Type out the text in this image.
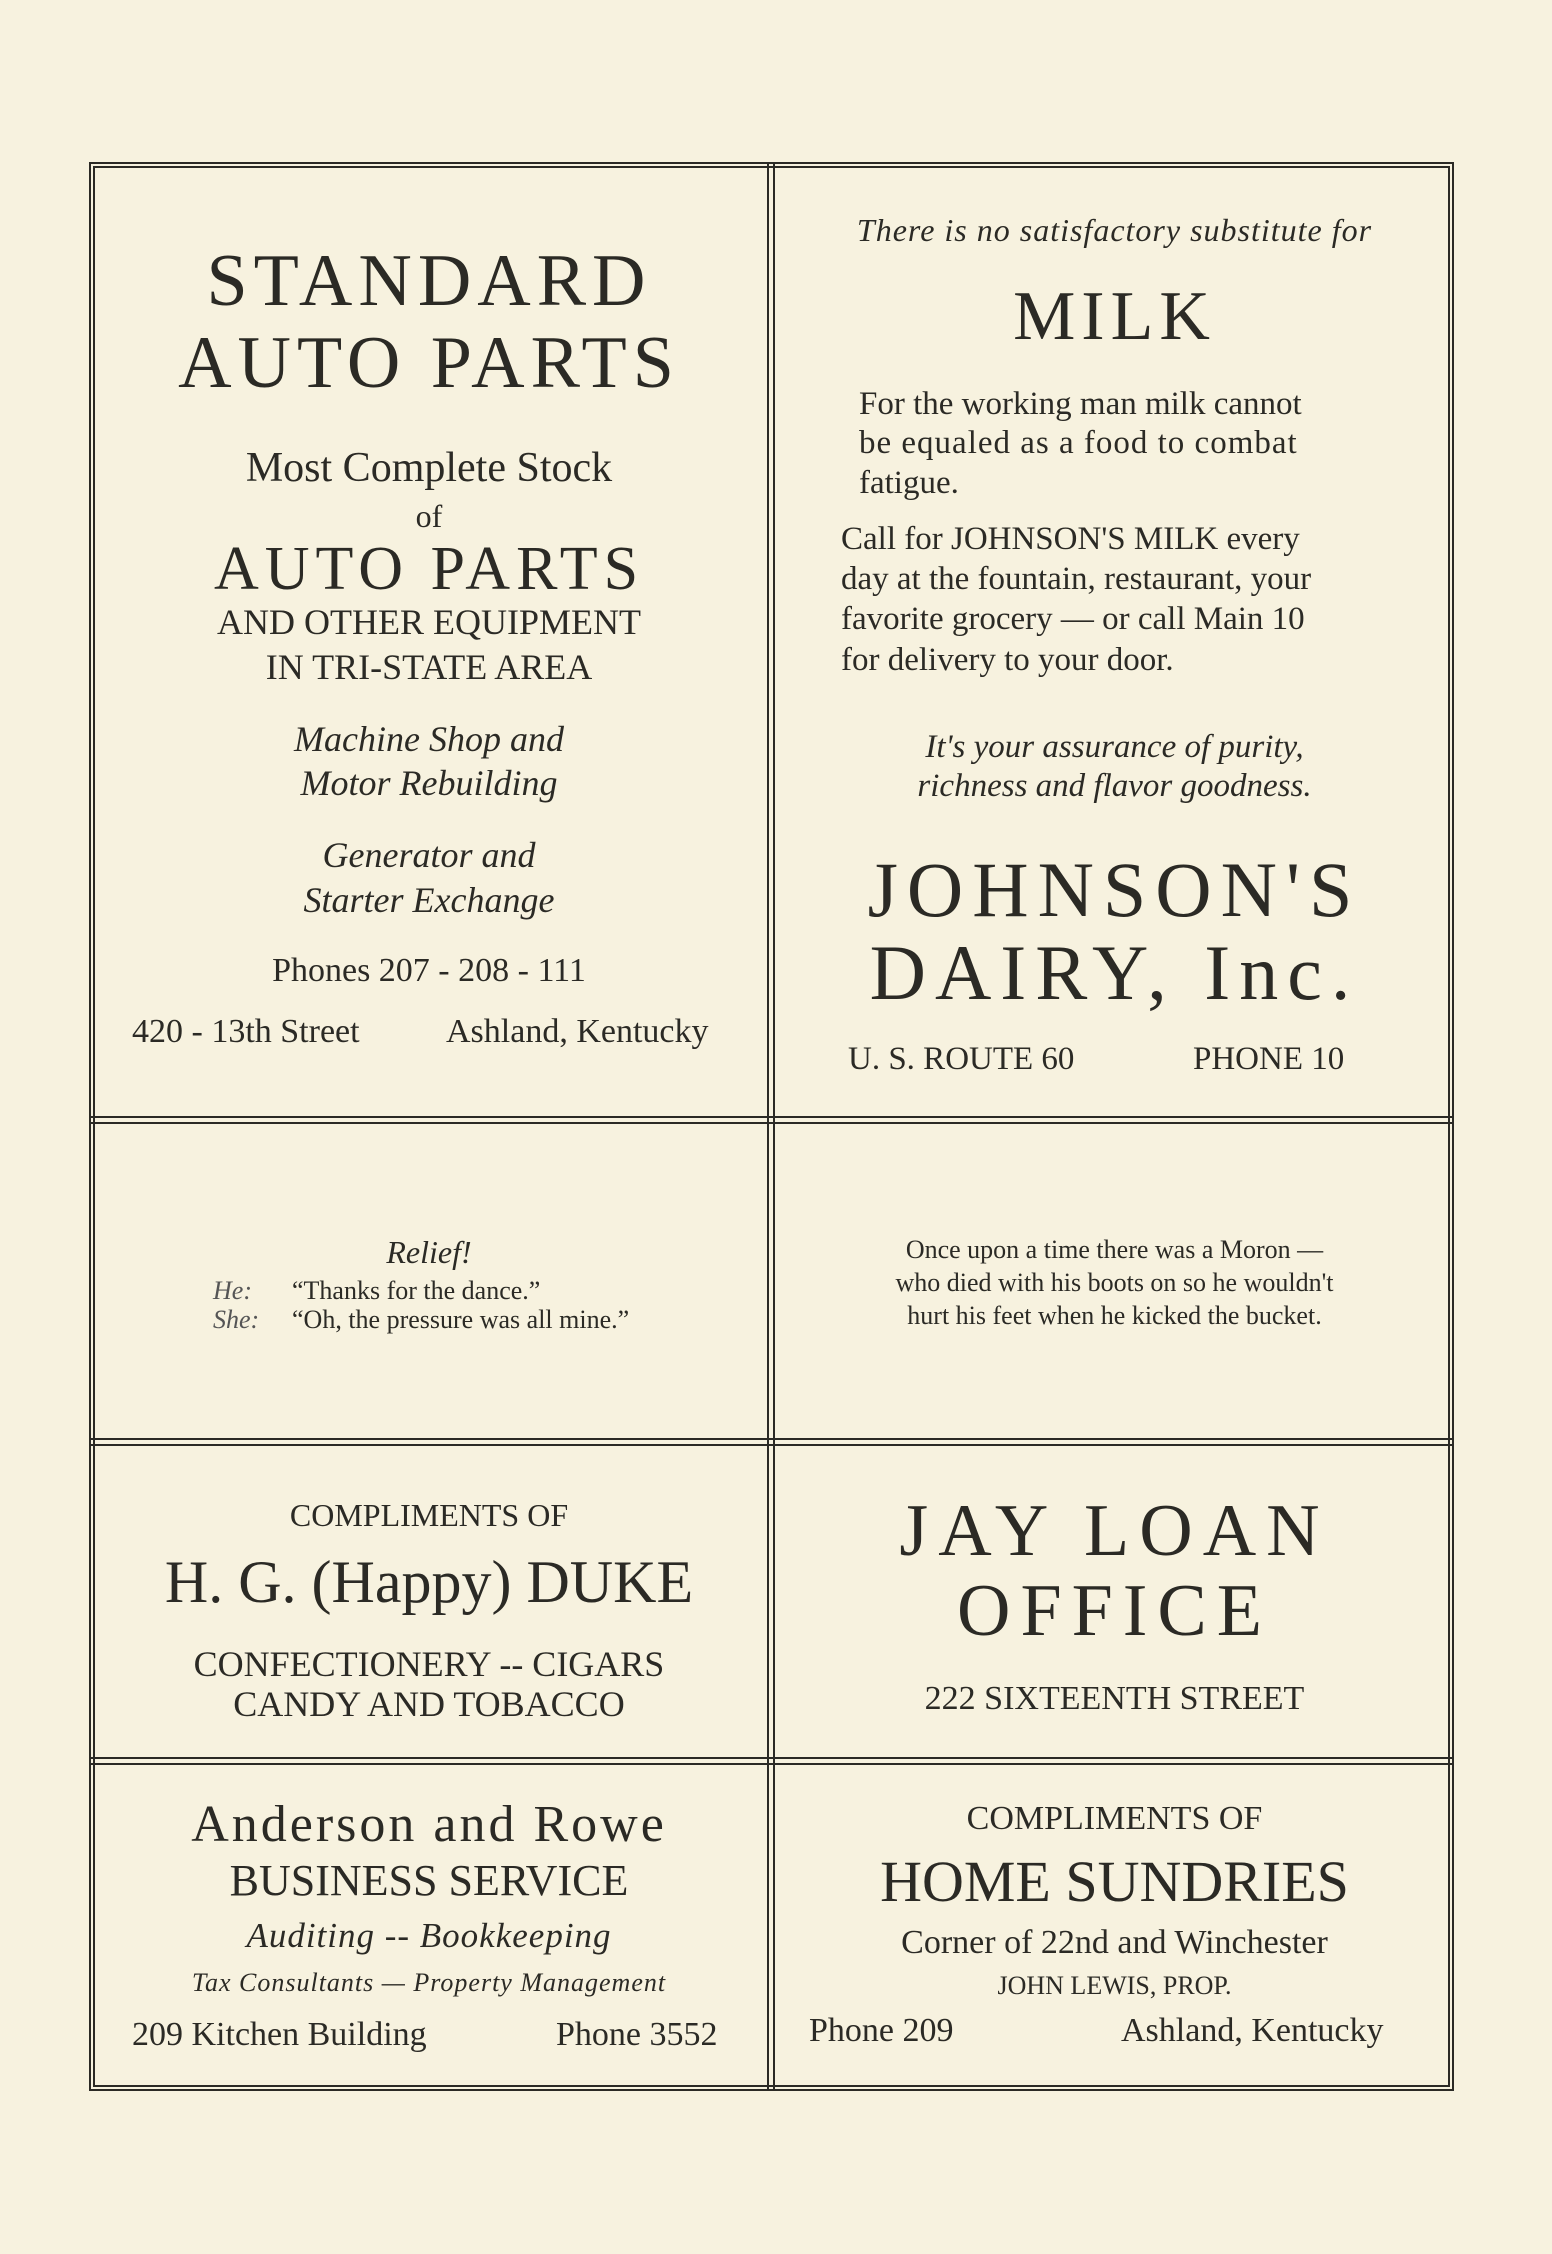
STANDARD
AUTO PARTS
Most Complete Stock
of
AUTO PARTS
AND OTHER EQUIPMENT
IN TRI-STATE AREA
Machine Shop and
Motor Rebuilding
Generator and
Starter Exchange
Phones 207 - 208 - 111
420 - 13th Street	Ashland, Kentucky
There is no satisfactory substitute for
MILK
For the working man milk cannot
be equaled as a food to combat
fatigue.
Call for JOHNSON'S MILK every
day at the fountain, restaurant, your
favorite grocery — or call Main 10
for delivery to your door.
It's your assurance of purity,
richness and flavor goodness.
JOHNSON'S
DAIRY, Inc.
U. S. ROUTE 60	PHONE 10
Relief!
He: “Thanks for the dance.”
She: “Oh, the pressure was all mine.”
Once upon a time there was a Moron —
who died with his boots on so he wouldn't
hurt his feet when he kicked the bucket.
COMPLIMENTS OF
H. G. (Happy) DUKE
CONFECTIONERY -- CIGARS
CANDY AND TOBACCO
JAY LOAN
OFFICE
222 SIXTEENTH STREET
Anderson and Rowe
BUSINESS SERVICE
Auditing -- Bookkeeping
Tax Consultants — Property Management
209 Kitchen Building	Phone 3552
COMPLIMENTS OF
HOME SUNDRIES
Corner of 22nd and Winchester
JOHN LEWIS, PROP.
Phone 209	Ashland, Kentucky
